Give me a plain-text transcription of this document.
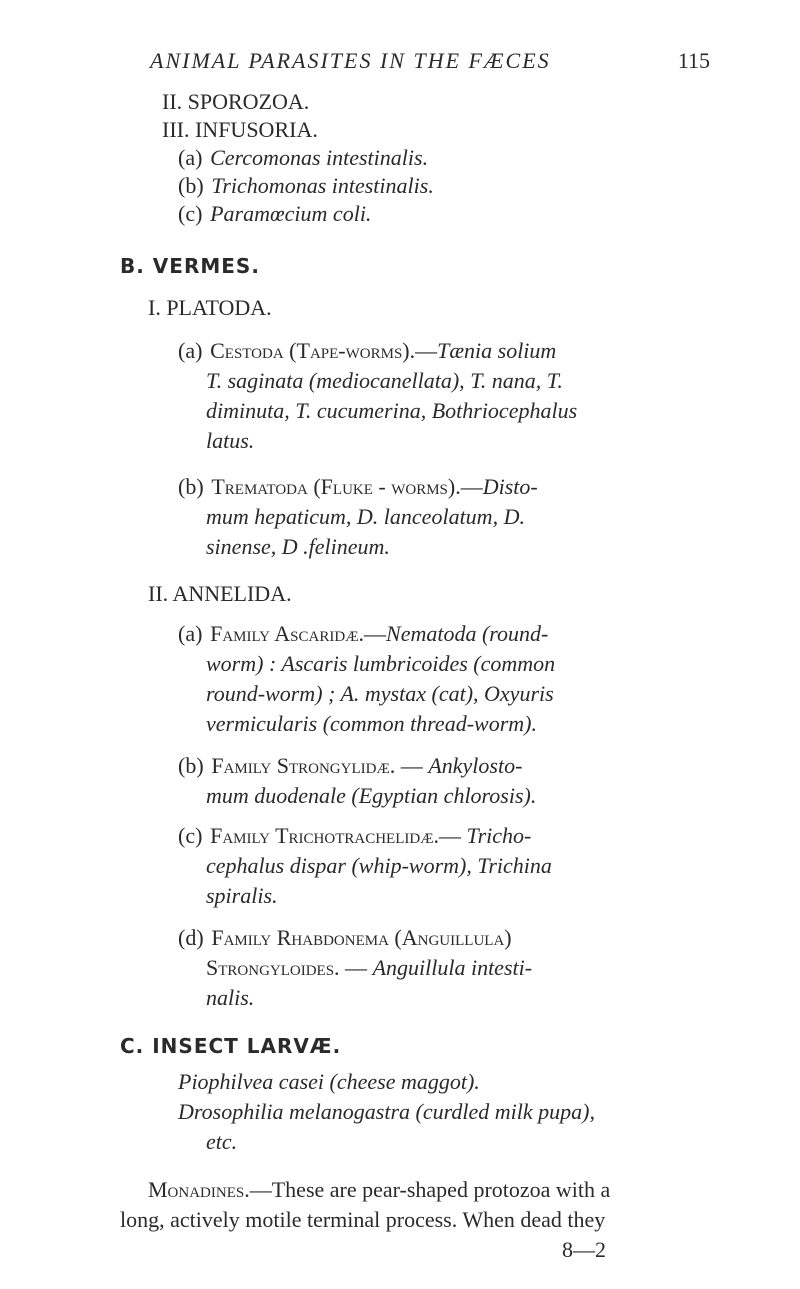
ANIMAL PARASITES IN THE FÆCES	115
II. SPOROZOA.
III. INFUSORIA.
(a) Cercomonas intestinalis.
(b) Trichomonas intestinalis.
(c) Paramœcium coli.
B. VERMES.
I. PLATODA.
(a) Cestoda (Tape-worms).—Tænia solium
T. saginata (mediocanellata), T. nana, T.
diminuta, T. cucumerina, Bothriocephalus
latus.
(b) Trematoda (Fluke - worms).—Disto-
mum hepaticum, D. lanceolatum, D.
sinense, D .felineum.
II. ANNELIDA.
(a) Family Ascaridæ.—Nematoda (round-
worm) : Ascaris lumbricoides (common
round-worm) ; A. mystax (cat), Oxyuris
vermicularis (common thread-worm).
(b) Family Strongylidæ. — Ankylosto-
mum duodenale (Egyptian chlorosis).
(c) Family Trichotrachelidæ.— Tricho-
cephalus dispar (whip-worm), Trichina
spiralis.
(d) Family Rhabdonema (Anguillula)
Strongyloides. — Anguillula intesti-
nalis.
C. INSECT LARVÆ.
Piophilvea casei (cheese maggot).
Drosophilia melanogastra (curdled milk pupa),
etc.
Monadines.—These are pear-shaped protozoa with a
long, actively motile terminal process. When dead they
8—2
